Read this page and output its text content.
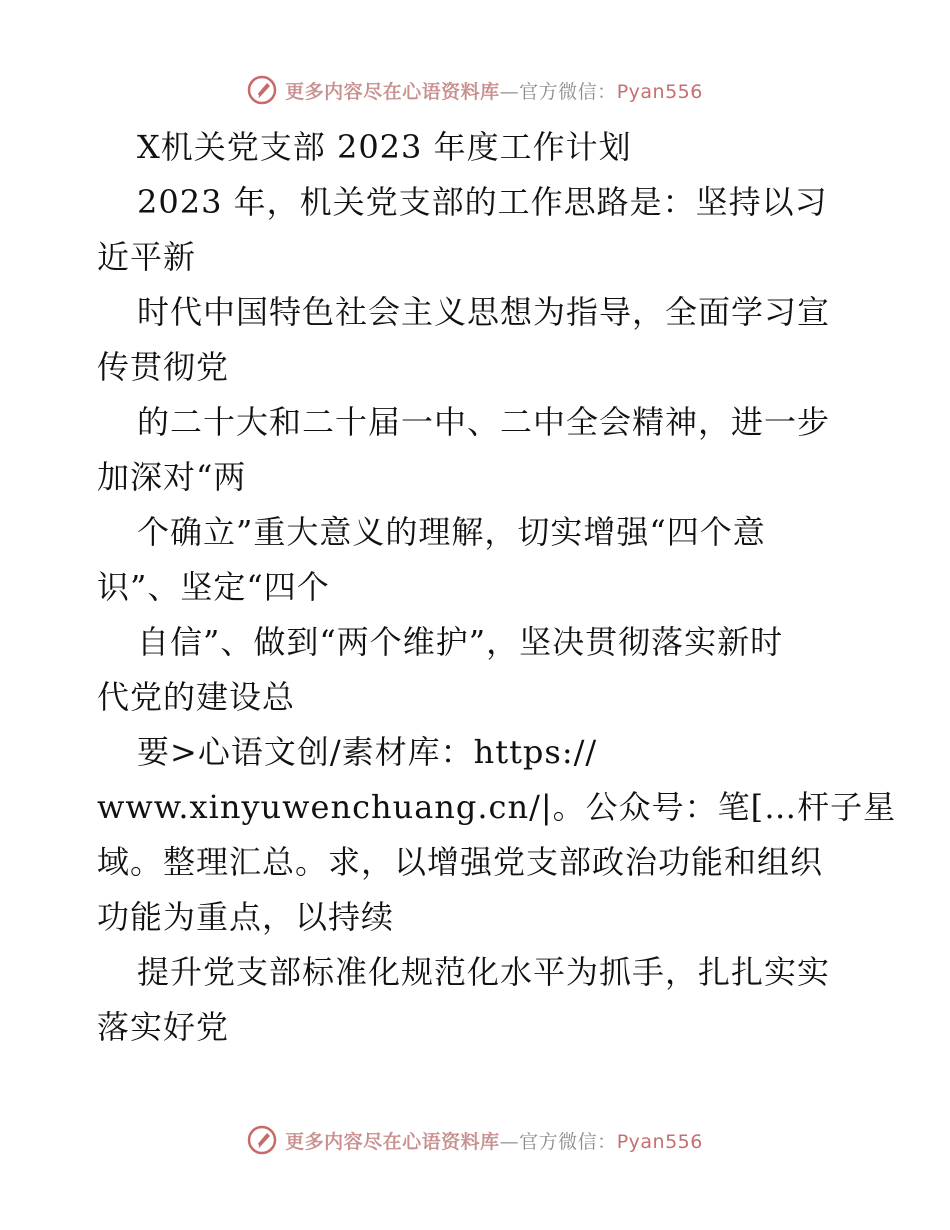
更多内容尽在心语资料库—官方微信：Pyan556
X机关党支部 2023 年度工作计划
2023 年，机关党支部的工作思路是：坚持以习
近平新
时代中国特色社会主义思想为指导，全面学习宣
传贯彻党
的二十大和二十届一中、二中全会精神，进一步
加深对“两
个确立”重大意义的理解，切实增强“四个意
识”、坚定“四个
自信”、做到“两个维护”，坚决贯彻落实新时
代党的建设总
要>心语文创/素材库：https://
www.xinyuwenchuang.cn/|。公众号：笔[…杆子星
域。整理汇总。求，以增强党支部政治功能和组织
功能为重点，以持续
提升党支部标准化规范化水平为抓手，扎扎实实
落实好党
更多内容尽在心语资料库—官方微信：Pyan556
